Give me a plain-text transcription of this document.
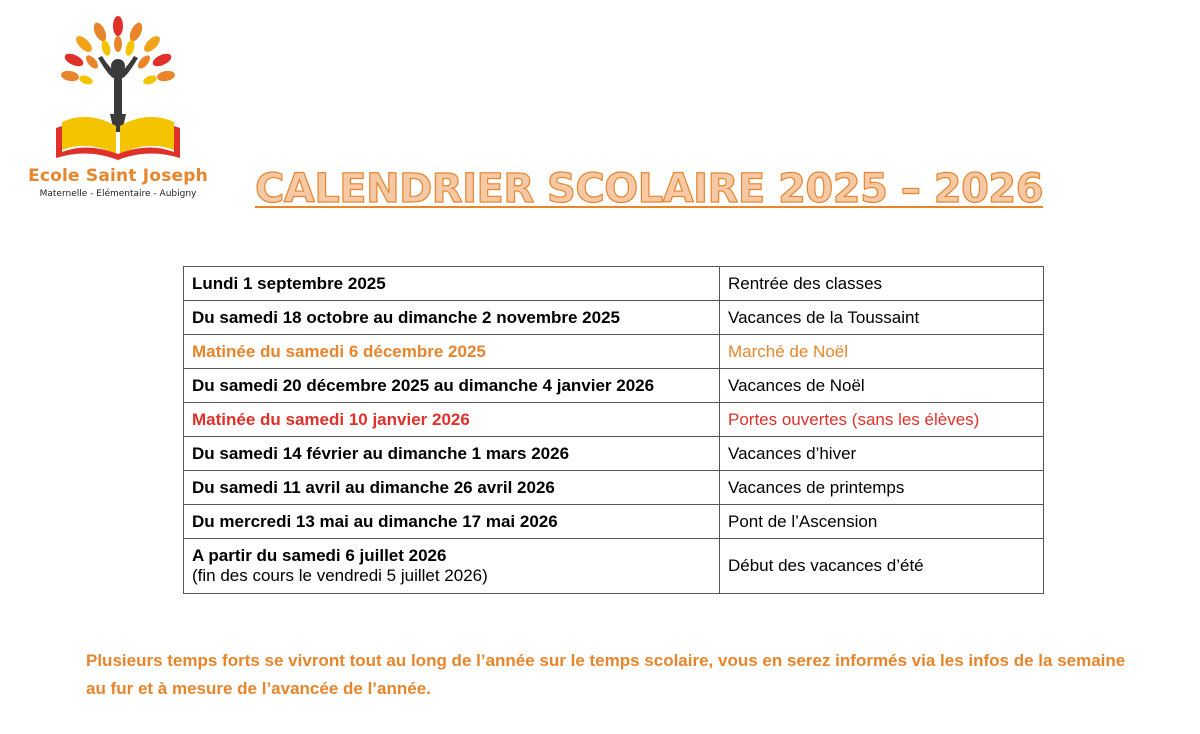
Ecole Saint Joseph
Maternelle - Elémentaire - Aubigny CALENDRIER SCOLAIRE 2025 – 2026
Lundi 1 septembre 2025	Rentrée des classes
Du samedi 18 octobre au dimanche 2 novembre 2025	Vacances de la Toussaint
Matinée du samedi 6 décembre 2025	Marché de Noël
Du samedi 20 décembre 2025 au dimanche 4 janvier 2026	Vacances de Noël
Matinée du samedi 10 janvier 2026	Portes ouvertes (sans les élèves)
Du samedi 14 février au dimanche 1 mars 2026	Vacances d’hiver
Du samedi 11 avril au dimanche 26 avril 2026	Vacances de printemps
Du mercredi 13 mai au dimanche 17 mai 2026	Pont de l’Ascension
A partir du samedi 6 juillet 2026
(fin des cours le vendredi 5 juillet 2026)	Début des vacances d’été
Plusieurs temps forts se vivront tout au long de l’année sur le temps scolaire, vous en serez informés via les infos de la semaine au fur et à mesure de l’avancée de l’année.
